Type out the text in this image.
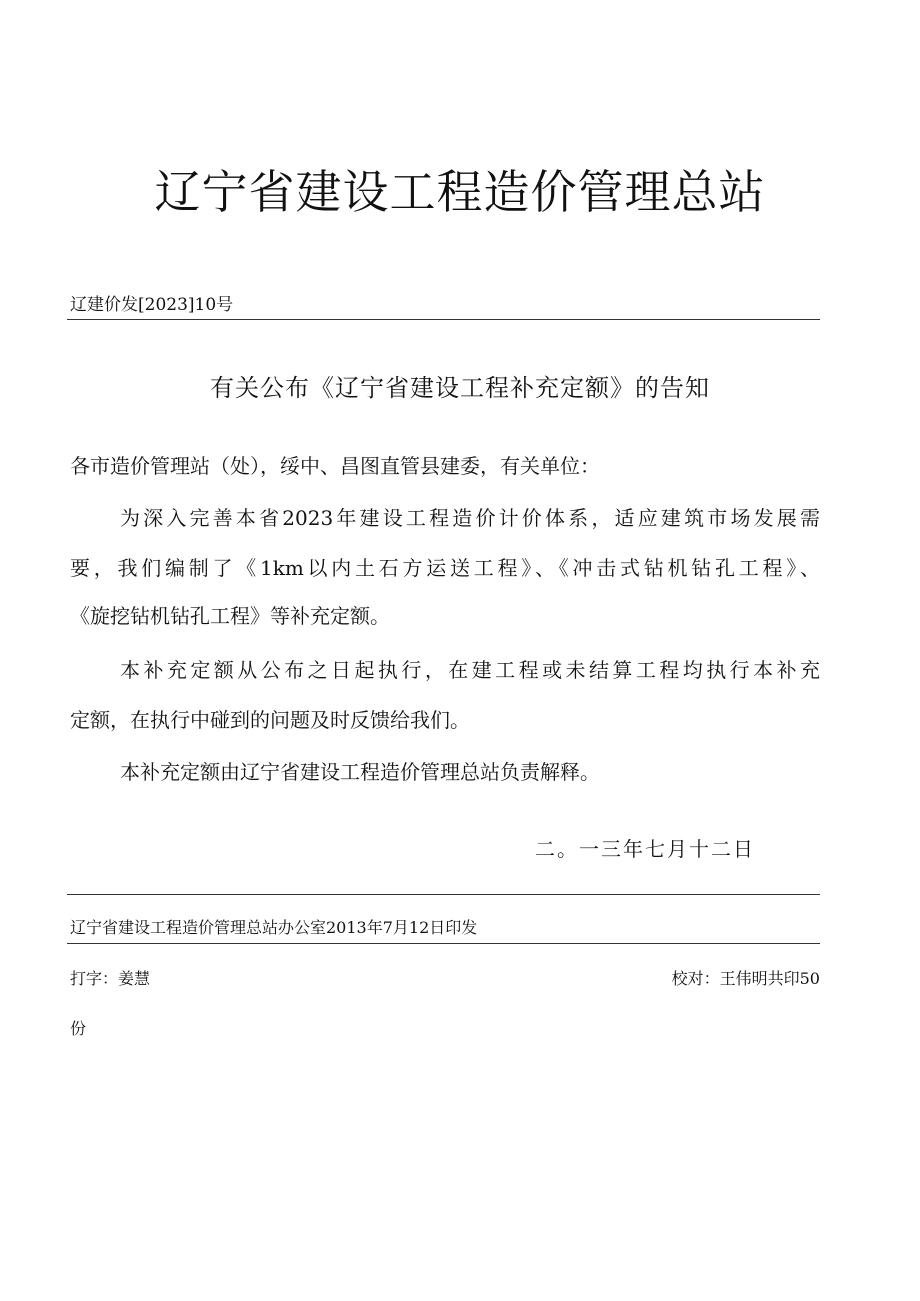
辽宁省建设工程造价管理总站
辽建价发[2023]10号
有关公布《辽宁省建设工程补充定额》的告知
各市造价管理站（处），绥中、昌图直管县建委，有关单位：
为深入完善本省2023年建设工程造价计价体系，适应建筑市场发展需
要，我们编制了《1km以内土石方运送工程》、《冲击式钻机钻孔工程》、
《旋挖钻机钻孔工程》等补充定额。
本补充定额从公布之日起执行，在建工程或未结算工程均执行本补充
定额，在执行中碰到的问题及时反馈给我们。
本补充定额由辽宁省建设工程造价管理总站负责解释。
二。一三年七月十二日
辽宁省建设工程造价管理总站办公室2013年7月12日印发
打字：姜慧	校对：王伟明共印50
份
